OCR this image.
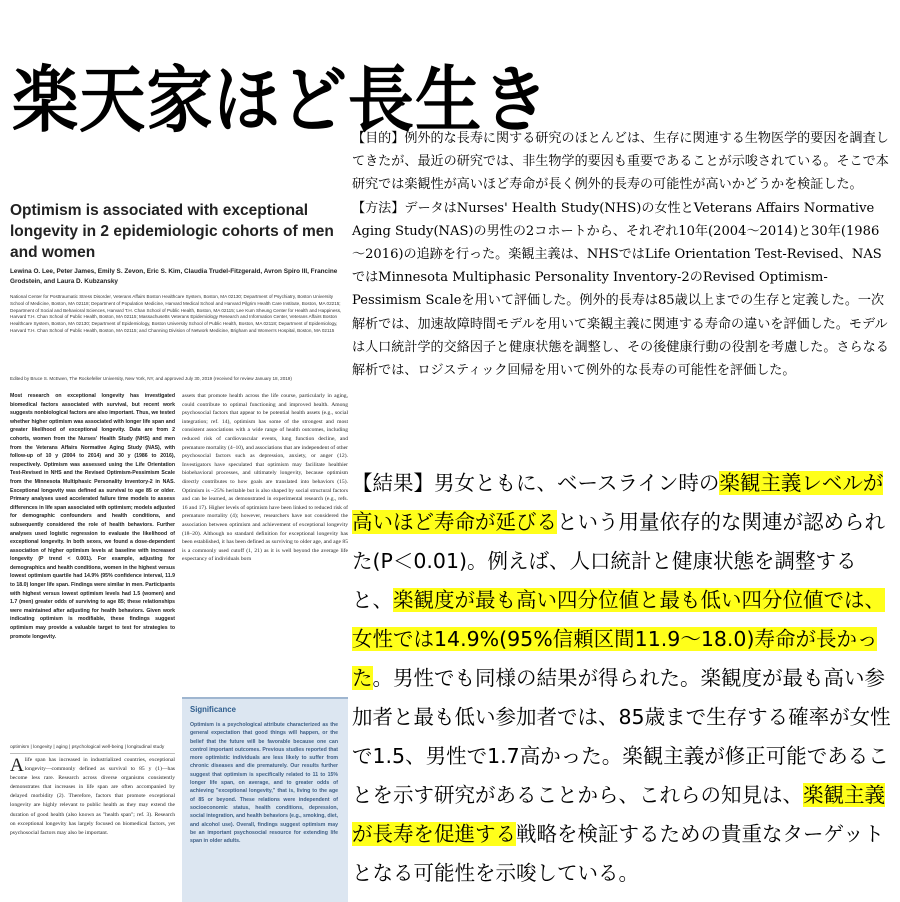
楽天家ほど長生き
Optimism is associated with exceptional longevity in 2 epidemiologic cohorts of men and women
Lewina O. Lee, Peter James, Emily S. Zevon, Eric S. Kim, Claudia Trudel-Fitzgerald, Avron Spiro III, Francine Grodstein, and Laura D. Kubzansky
National Center for Posttraumatic Stress Disorder, Veterans Affairs Boston Healthcare System, Boston, MA 02130; Department of Psychiatry, Boston University School of Medicine, Boston, MA 02118; Department of Population Medicine, Harvard Medical School and Harvard Pilgrim Health Care Institute, Boston, MA 02215; Department of Social and Behavioral Sciences, Harvard T.H. Chan School of Public Health, Boston, MA 02115; Lee Kum Sheung Center for Health and Happiness, Harvard T.H. Chan School of Public Health, Boston, MA 02115; Massachusetts Veterans Epidemiology Research and Information Center, Veterans Affairs Boston Healthcare System, Boston, MA 02130; Department of Epidemiology, Boston University School of Public Health, Boston, MA 02118; Department of Epidemiology, Harvard T.H. Chan School of Public Health, Boston, MA 02115; and Channing Division of Network Medicine, Brigham and Women's Hospital, Boston, MA 02115
Edited by Bruce S. McEwen, The Rockefeller University, New York, NY, and approved July 30, 2019 (received for review January 18, 2019)
Most research on exceptional longevity has investigated biomedical factors associated with survival, but recent work suggests nonbiological factors are also important. Thus, we tested whether higher optimism was associated with longer life span and greater likelihood of exceptional longevity. Data are from 2 cohorts, women from the Nurses' Health Study (NHS) and men from the Veterans Affairs Normative Aging Study (NAS), with follow-up of 10 y (2004 to 2014) and 30 y (1986 to 2016), respectively. Optimism was assessed using the Life Orientation Test-Revised in NHS and the Revised Optimism-Pessimism Scale from the Minnesota Multiphasic Personality Inventory-2 in NAS. Exceptional longevity was defined as survival to age 85 or older. Primary analyses used accelerated failure time models to assess differences in life span associated with optimism; models adjusted for demographic confounders and health conditions, and subsequently considered the role of health behaviors. Further analyses used logistic regression to evaluate the likelihood of exceptional longevity. In both sexes, we found a dose-dependent association of higher optimism levels at baseline with increased longevity (P trend < 0.001). For example, adjusting for demographics and health conditions, women in the highest versus lowest optimism quartile had 14.9% (95% confidence interval, 11.9 to 18.0) longer life span. Findings were similar in men. Participants with highest versus lowest optimism levels had 1.5 (women) and 1.7 (men) greater odds of surviving to age 85; these relationships were maintained after adjusting for health behaviors. Given work indicating optimism is modifiable, these findings suggest optimism may provide a valuable target to test for strategies to promote longevity.
optimism | longevity | aging | psychological well-being | longitudinal study
Alife span has increased in industrialized countries, exceptional longevity—commonly defined as survival to 85 y (1)—has become less rare. Research across diverse organisms consistently demonstrates that increases in life span are often accompanied by delayed morbidity (2). Therefore, factors that promote exceptional longevity are highly relevant to public health as they may extend the duration of good health (also known as "health span"; ref. 3). Research on exceptional longevity has largely focused on biomedical factors, yet psychosocial factors may also be important.
assets that promote health across the life course, particularly in aging, could contribute to optimal functioning and improved health. Among psychosocial factors that appear to be potential health assets (e.g., social integration; ref. 14), optimism has some of the strongest and most consistent associations with a wide range of health outcomes, including reduced risk of cardiovascular events, lung function decline, and premature mortality (4–10), and associations that are independent of other psychosocial factors such as depression, anxiety, or anger (12). Investigators have speculated that optimism may facilitate healthier biobehavioral processes, and ultimately longevity, because optimism directly contributes to how goals are translated into behaviors (15). Optimism is ~25% heritable but is also shaped by social structural factors and can be learned, as demonstrated in experimental research (e.g., refs. 16 and 17). Higher levels of optimism have been linked to reduced risk of premature mortality (4); however, researchers have not considered the association between optimism and achievement of exceptional longevity (18–20). Although no standard definition for exceptional longevity has been established, it has been defined as surviving to older age, and age 85 is a commonly used cutoff (1, 21) as it is well beyond the average life expectancy of individuals born
Significance
Optimism is a psychological attribute characterized as the general expectation that good things will happen, or the belief that the future will be favorable because one can control important outcomes. Previous studies reported that more optimistic individuals are less likely to suffer from chronic diseases and die prematurely. Our results further suggest that optimism is specifically related to 11 to 15% longer life span, on average, and to greater odds of achieving "exceptional longevity," that is, living to the age of 85 or beyond. These relations were independent of socioeconomic status, health conditions, depression, social integration, and health behaviors (e.g., smoking, diet, and alcohol use). Overall, findings suggest optimism may be an important psychosocial resource for extending life span in older adults.

【目的】例外的な長寿に関する研究のほとんどは、生存に関連する生物医学的要因を調査してきたが、最近の研究では、非生物学的要因も重要であることが示唆されている。そこで本研究では楽観性が高いほど寿命が長く例外的長寿の可能性が高いかどうかを検証した。

【方法】データはNurses' Health Study(NHS)の女性とVeterans Affairs Normative Aging Study(NAS)の男性の2コホートから、それぞれ10年(2004～2014)と30年(1986～2016)の追跡を行った。楽観主義は、NHSではLife Orientation Test-Revised、NASではMinnesota Multiphasic Personality Inventory-2のRevised Optimism-Pessimism Scaleを用いて評価した。例外的長寿は85歳以上までの生存と定義した。一次解析では、加速故障時間モデルを用いて楽観主義に関連する寿命の違いを評価した。モデルは人口統計学的交絡因子と健康状態を調整し、その後健康行動の役割を考慮した。さらなる解析では、ロジスティック回帰を用いて例外的な長寿の可能性を評価した。

【結果】男女ともに、ベースライン時の楽観主義レベルが高いほど寿命が延びるという用量依存的な関連が認められた(P＜0.01)。例えば、人口統計と健康状態を調整すると、楽観度が最も高い四分位値と最も低い四分位値では、女性では14.9%(95%信頼区間11.9～18.0)寿命が長かった。男性でも同様の結果が得られた。楽観度が最も高い参加者と最も低い参加者では、85歳まで生存する確率が女性で1.5、男性で1.7高かった。楽観主義が修正可能であることを示す研究があることから、これらの知見は、楽観主義が長寿を促進する戦略を検証するための貴重なターゲットとなる可能性を示唆している。
